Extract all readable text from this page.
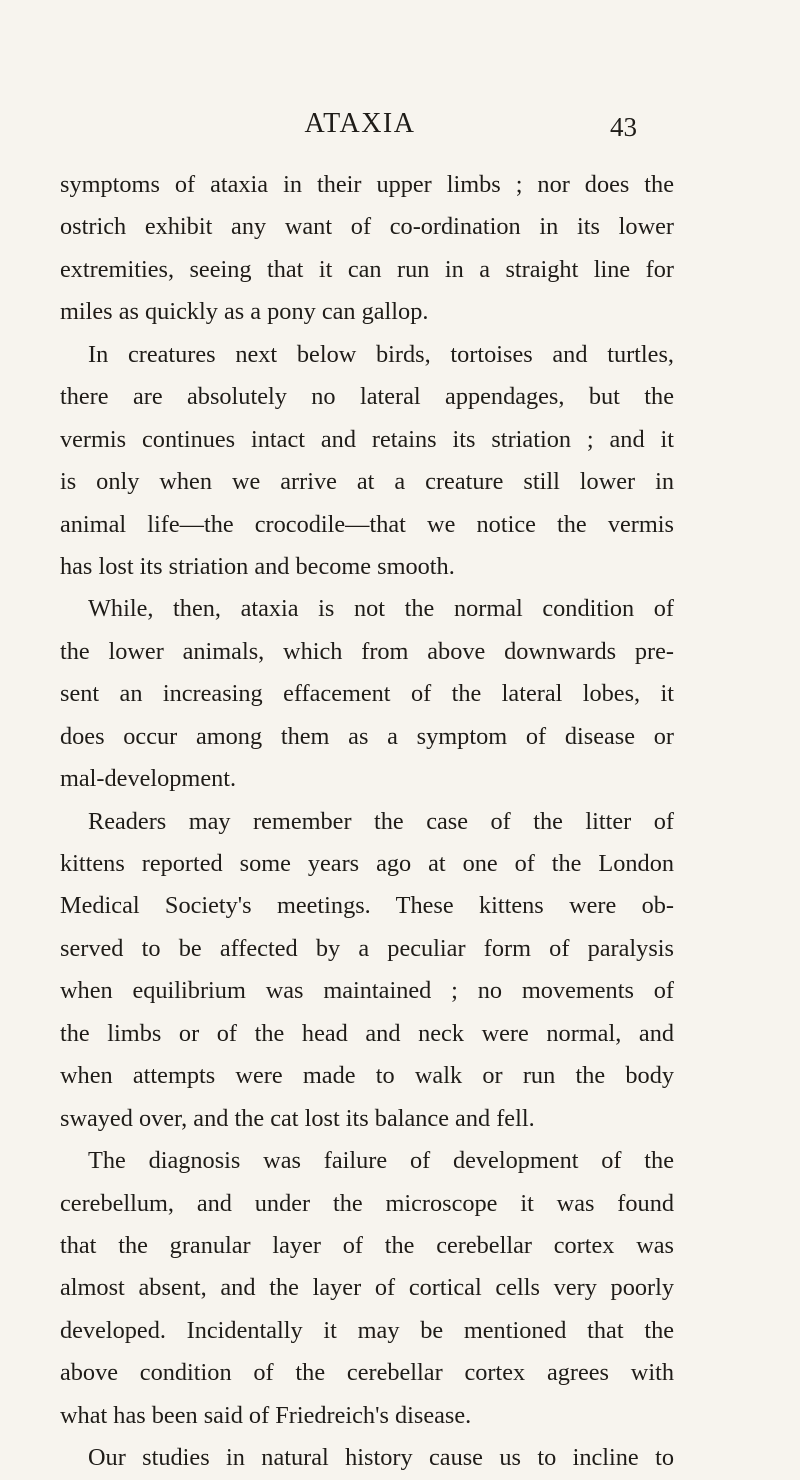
ATAXIA	43
symptoms of ataxia in their upper limbs ; nor does the
ostrich exhibit any want of co-ordination in its lower
extremities, seeing that it can run in a straight line for
miles as quickly as a pony can gallop.
In creatures next below birds, tortoises and turtles,
there are absolutely no lateral appendages, but the
vermis continues intact and retains its striation ; and it
is only when we arrive at a creature still lower in
animal life—the crocodile—that we notice the vermis
has lost its striation and become smooth.
While, then, ataxia is not the normal condition of
the lower animals, which from above downwards pre-
sent an increasing effacement of the lateral lobes, it
does occur among them as a symptom of disease or
mal-development.
Readers may remember the case of the litter of
kittens reported some years ago at one of the London
Medical Society's meetings. These kittens were ob-
served to be affected by a peculiar form of paralysis
when equilibrium was maintained ; no movements of
the limbs or of the head and neck were normal, and
when attempts were made to walk or run the body
swayed over, and the cat lost its balance and fell.
The diagnosis was failure of development of the
cerebellum, and under the microscope it was found
that the granular layer of the cerebellar cortex was
almost absent, and the layer of cortical cells very poorly
developed. Incidentally it may be mentioned that the
above condition of the cerebellar cortex agrees with
what has been said of Friedreich's disease.
Our studies in natural history cause us to incline to
